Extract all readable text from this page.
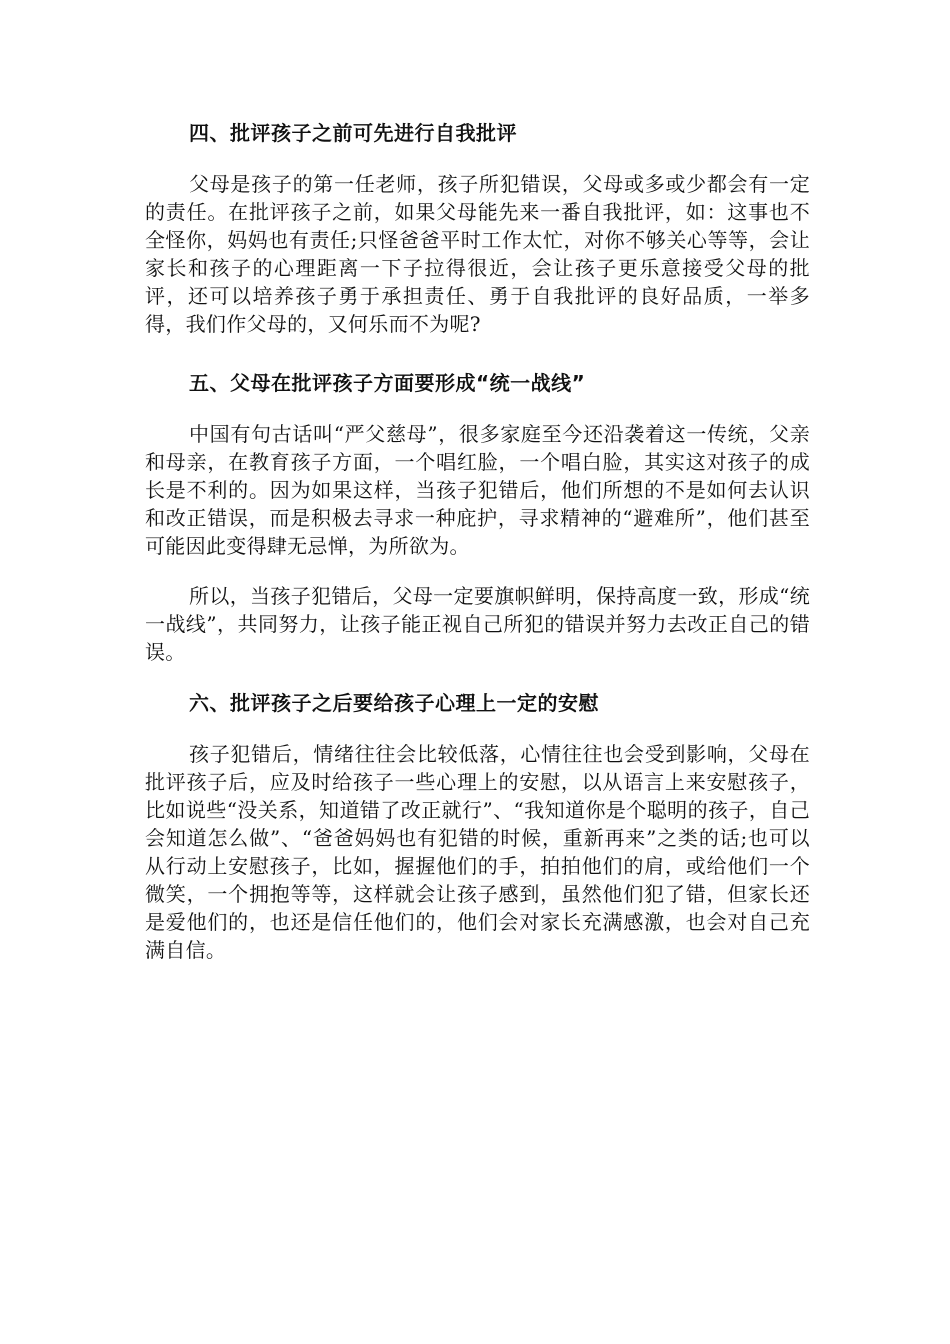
四、批评孩子之前可先进行自我批评

父母是孩子的第一任老师，孩子所犯错误，父母或多或少都会有一定的责任。在批评孩子之前，如果父母能先来一番自我批评，如：这事也不全怪你，妈妈也有责任;只怪爸爸平时工作太忙，对你不够关心等等，会让家长和孩子的心理距离一下子拉得很近，会让孩子更乐意接受父母的批评，还可以培养孩子勇于承担责任、勇于自我批评的良好品质，一举多得，我们作父母的，又何乐而不为呢?

五、父母在批评孩子方面要形成“统一战线”

中国有句古话叫“严父慈母”，很多家庭至今还沿袭着这一传统，父亲和母亲，在教育孩子方面，一个唱红脸，一个唱白脸，其实这对孩子的成长是不利的。因为如果这样，当孩子犯错后，他们所想的不是如何去认识和改正错误，而是积极去寻求一种庇护，寻求精神的“避难所”，他们甚至可能因此变得肆无忌惮，为所欲为。

所以，当孩子犯错后，父母一定要旗帜鲜明，保持高度一致，形成“统一战线”，共同努力，让孩子能正视自己所犯的错误并努力去改正自己的错误。

六、批评孩子之后要给孩子心理上一定的安慰

孩子犯错后，情绪往往会比较低落，心情往往也会受到影响，父母在批评孩子后，应及时给孩子一些心理上的安慰，以从语言上来安慰孩子，比如说些“没关系，知道错了改正就行”、“我知道你是个聪明的孩子，自己会知道怎么做”、“爸爸妈妈也有犯错的时候，重新再来”之类的话;也可以从行动上安慰孩子，比如，握握他们的手，拍拍他们的肩，或给他们一个微笑，一个拥抱等等，这样就会让孩子感到，虽然他们犯了错，但家长还是爱他们的，也还是信任他们的，他们会对家长充满感激，也会对自己充满自信。
